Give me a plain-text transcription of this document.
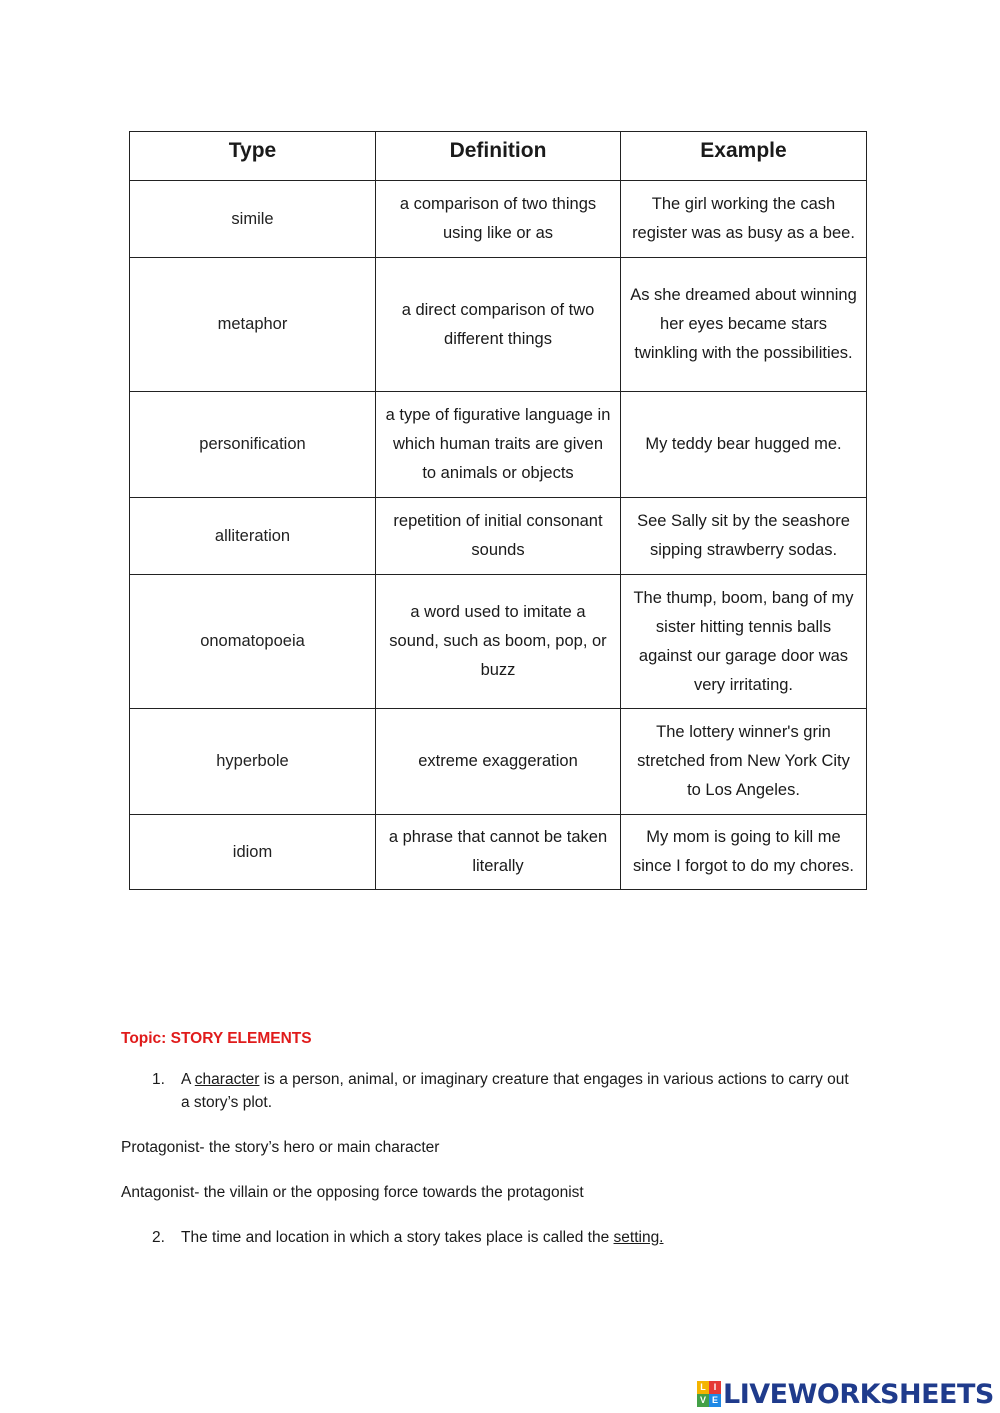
Type	Definition	Example
simile	a comparison of two things using like or as	The girl working the cash register was as busy as a bee.
metaphor	a direct comparison of two different things	As she dreamed about winning her eyes became stars twinkling with the possibilities.
personification	a type of figurative language in which human traits are given to animals or objects	My teddy bear hugged me.
alliteration	repetition of initial consonant sounds	See Sally sit by the seashore sipping strawberry sodas.
onomatopoeia	a word used to imitate a sound, such as boom, pop, or buzz	The thump, boom, bang of my sister hitting tennis balls against our garage door was very irritating.
hyperbole	extreme exaggeration	The lottery winner's grin stretched from New York City to Los Angeles.
idiom	a phrase that cannot be taken literally	My mom is going to kill me since I forgot to do my chores.
Topic: STORY ELEMENTS
1. A character is a person, animal, or imaginary creature that engages in various actions to carry out a story’s plot.
Protagonist- the story’s hero or main character
Antagonist- the villain or the opposing force towards the protagonist
2. The time and location in which a story takes place is called the setting.
L I
V E LIVEWORKSHEETS
